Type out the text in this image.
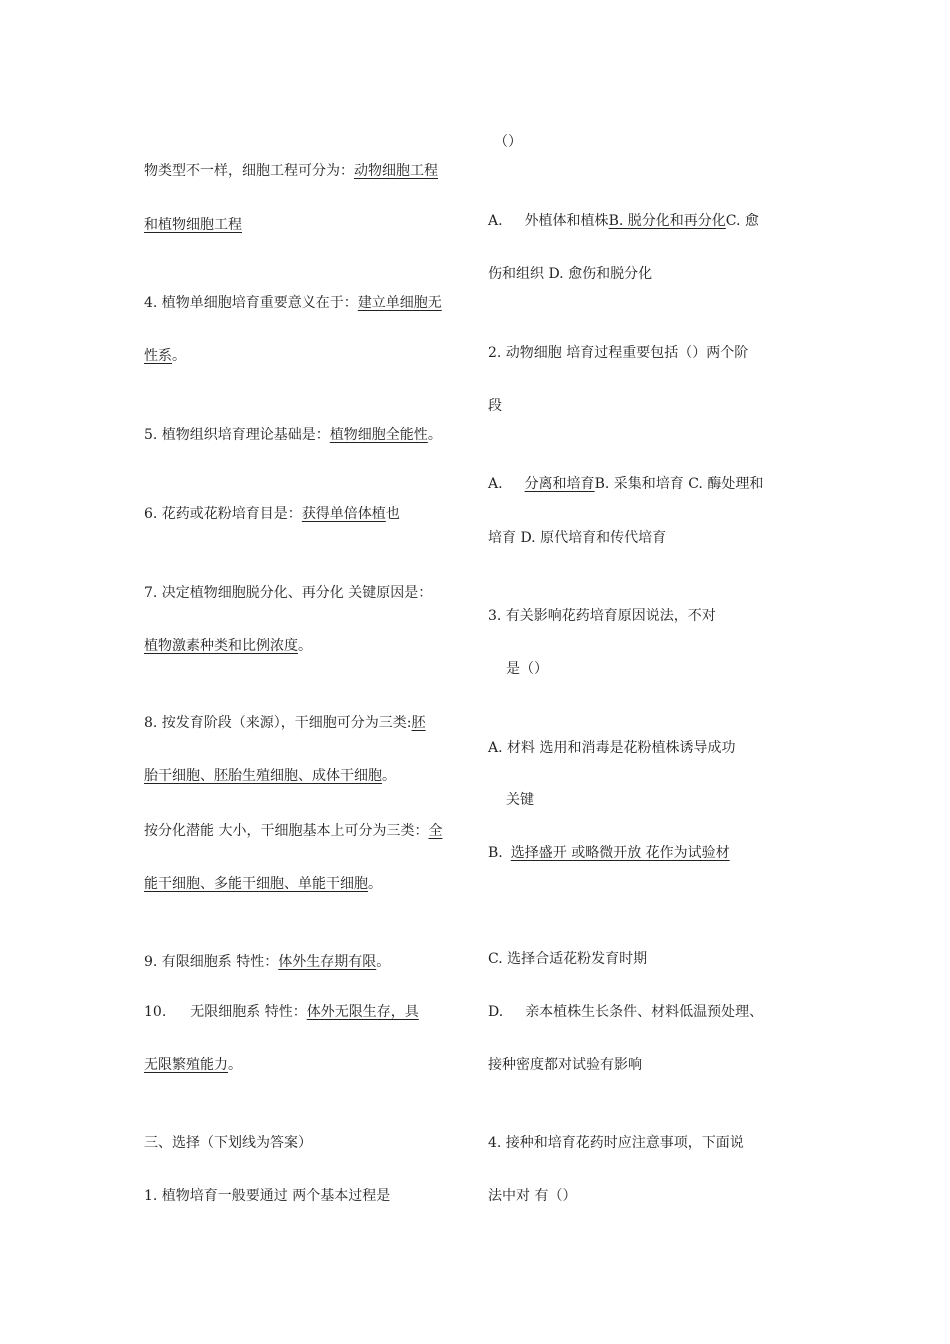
物类型不一样，细胞工程可分为：动物细胞工程
和植物细胞工程
4. 植物单细胞培育重要意义在于：建立单细胞无
性系。
5. 植物组织培育理论基础是：植物细胞全能性。
6. 花药或花粉培育目是：获得单倍体植也
7. 决定植物细胞脱分化、再分化 关键原因是：
植物激素种类和比例浓度。
8. 按发育阶段（来源），干细胞可分为三类:胚
胎干细胞、胚胎生殖细胞、成体干细胞。
按分化潜能 大小，干细胞基本上可分为三类：全
能干细胞、多能干细胞、单能干细胞。
9. 有限细胞系 特性：体外生存期有限。
10. 无限细胞系 特性：体外无限生存，具
无限繁殖能力。
三、选择（下划线为答案）
1. 植物培育一般要通过 两个基本过程是
（）
A. 外植体和植株B. 脱分化和再分化C. 愈
伤和组织 D. 愈伤和脱分化
2. 动物细胞 培育过程重要包括（）两个阶
段
A. 分离和培育B. 采集和培育 C. 酶处理和
培育 D. 原代培育和传代培育
3. 有关影响花药培育原因说法，不对
是（）
A. 材料 选用和消毒是花粉植株诱导成功
关键
B. 选择盛开 或略微开放 花作为试验材
C. 选择合适花粉发育时期
D. 亲本植株生长条件、材料低温预处理、
接种密度都对试验有影响
4. 接种和培育花药时应注意事项，下面说
法中对 有（）
